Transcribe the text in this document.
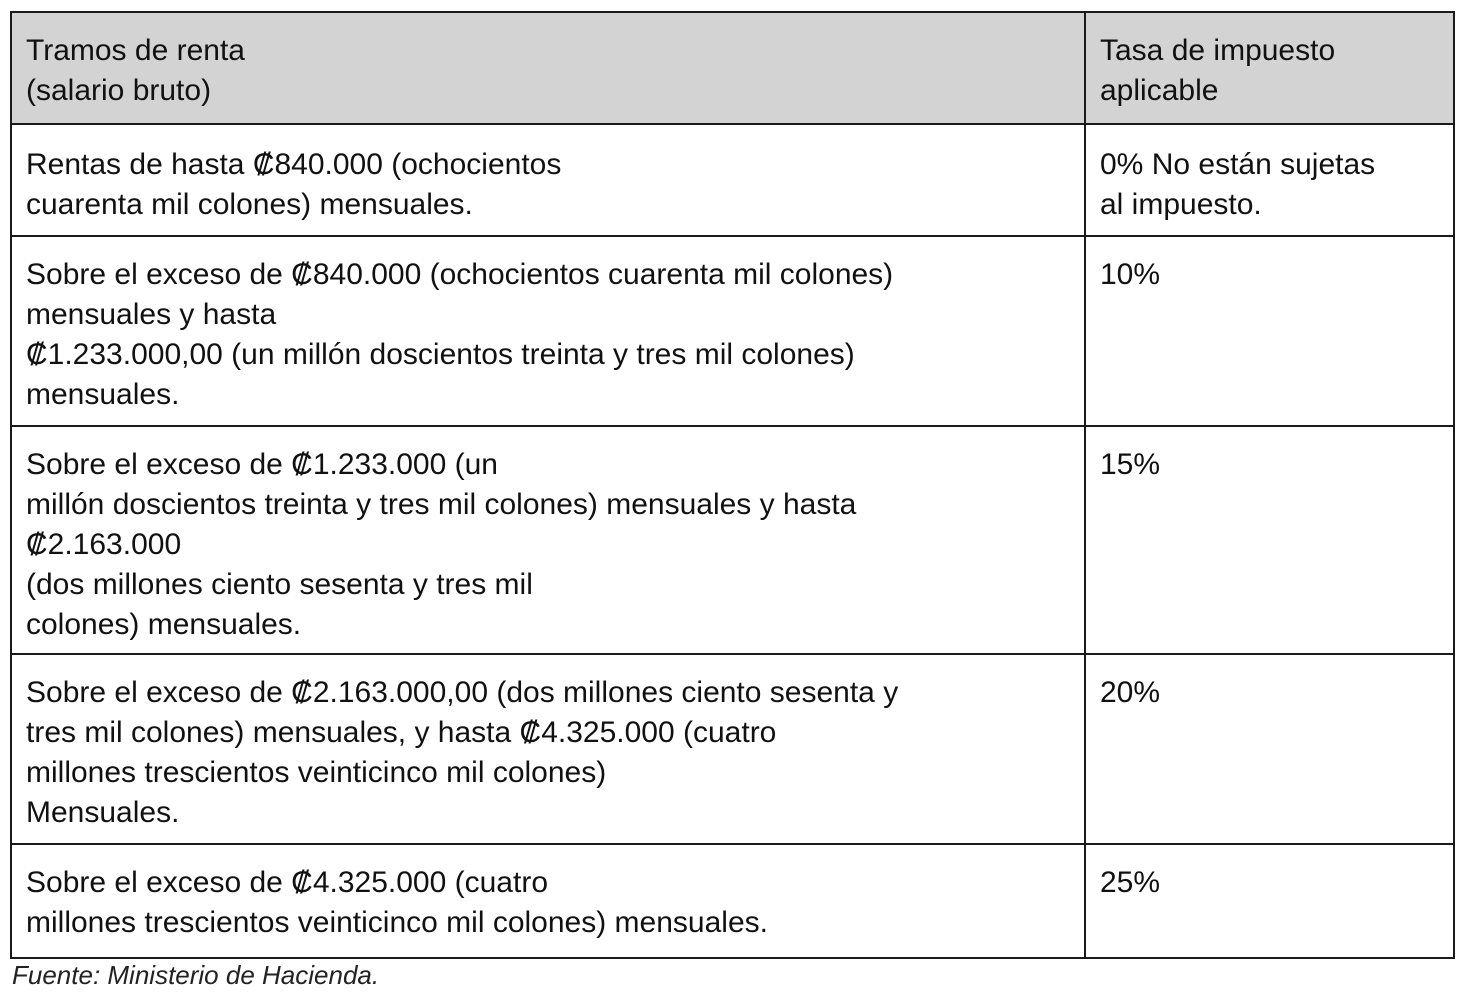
Tramos de renta
(salario bruto)	Tasa de impuesto
aplicable

Rentas de hasta ₡840.000 (ochocientos
cuarenta mil colones) mensuales.	0% No están sujetas
al impuesto.

Sobre el exceso de ₡840.000 (ochocientos cuarenta mil colones)
mensuales y hasta
₡1.233.000,00 (un millón doscientos treinta y tres mil colones)
mensuales.	10%

Sobre el exceso de ₡1.233.000 (un
millón doscientos treinta y tres mil colones) mensuales y hasta
₡2.163.000
(dos millones ciento sesenta y tres mil
colones) mensuales.	15%

Sobre el exceso de ₡2.163.000,00 (dos millones ciento sesenta y
tres mil colones) mensuales, y hasta ₡4.325.000 (cuatro
millones trescientos veinticinco mil colones)
Mensuales.	20%

Sobre el exceso de ₡4.325.000 (cuatro
millones trescientos veinticinco mil colones) mensuales.	25%
Fuente: Ministerio de Hacienda.
